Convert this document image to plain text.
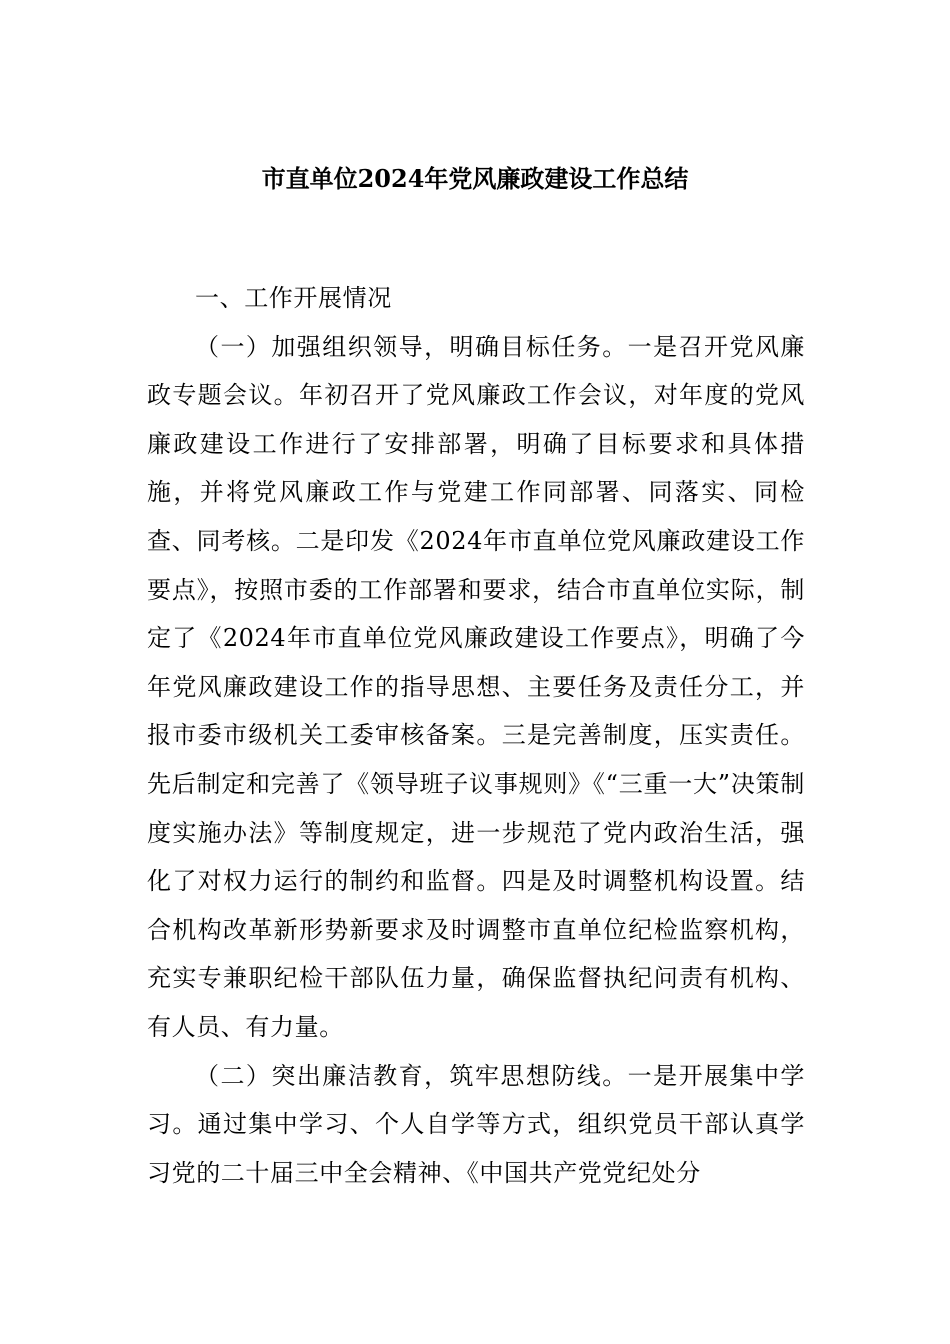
市直单位2024年党风廉政建设工作总结

一、工作开展情况

（一）加强组织领导，明确目标任务。一是召开党风廉政专题会议。年初召开了党风廉政工作会议，对年度的党风廉政建设工作进行了安排部署，明确了目标要求和具体措施，并将党风廉政工作与党建工作同部署、同落实、同检查、同考核。二是印发《2024年市直单位党风廉政建设工作要点》，按照市委的工作部署和要求，结合市直单位实际，制定了《2024年市直单位党风廉政建设工作要点》，明确了今年党风廉政建设工作的指导思想、主要任务及责任分工，并报市委市级机关工委审核备案。三是完善制度，压实责任。先后制定和完善了《领导班子议事规则》《“三重一大”决策制度实施办法》等制度规定，进一步规范了党内政治生活，强化了对权力运行的制约和监督。四是及时调整机构设置。结合机构改革新形势新要求及时调整市直单位纪检监察机构，充实专兼职纪检干部队伍力量，确保监督执纪问责有机构、有人员、有力量。

（二）突出廉洁教育，筑牢思想防线。一是开展集中学习。通过集中学习、个人自学等方式，组织党员干部认真学习党的二十届三中全会精神、《中国共产党党纪处分
